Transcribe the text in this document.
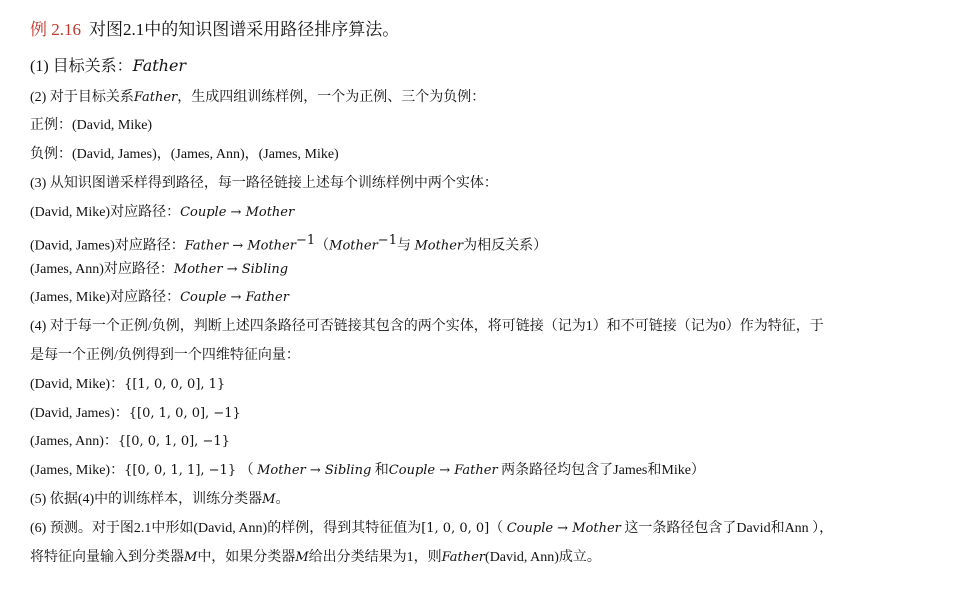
例 2.16 对图2.1中的知识图谱采用路径排序算法。
(1) 目标关系：Father
(2) 对于目标关系Father，生成四组训练样例，一个为正例、三个为负例：
正例：(David, Mike)
负例：(David, James)，(James, Ann)，(James, Mike)
(3) 从知识图谱采样得到路径，每一路径链接上述每个训练样例中两个实体：
(David, Mike)对应路径：Couple → Mother
(David, James)对应路径：Father → Mother$^{-1}$（Mother$^{-1}$与 Mother为相反关系）
(James, Ann)对应路径：Mother → Sibling
(James, Mike)对应路径：Couple → Father
(4) 对于每一个正例/负例，判断上述四条路径可否链接其包含的两个实体，将可链接（记为1）和不可链接（记为0）作为特征，于
是每一个正例/负例得到一个四维特征向量：
(David, Mike)：{[1, 0, 0, 0], 1}
(David, James)：{[0, 1, 0, 0], −1}
(James, Ann)：{[0, 0, 1, 0], −1}
(James, Mike)：{[0, 0, 1, 1], −1} （ Mother → Sibling 和Couple → Father 两条路径均包含了James和Mike）
(5) 依据(4)中的训练样本，训练分类器M。
(6) 预测。对于图2.1中形如(David, Ann)的样例，得到其特征值为[1, 0, 0, 0]（ Couple → Mother 这一条路径包含了David和Ann ），
将特征向量输入到分类器M中，如果分类器M给出分类结果为1，则Father(David, Ann)成立。
